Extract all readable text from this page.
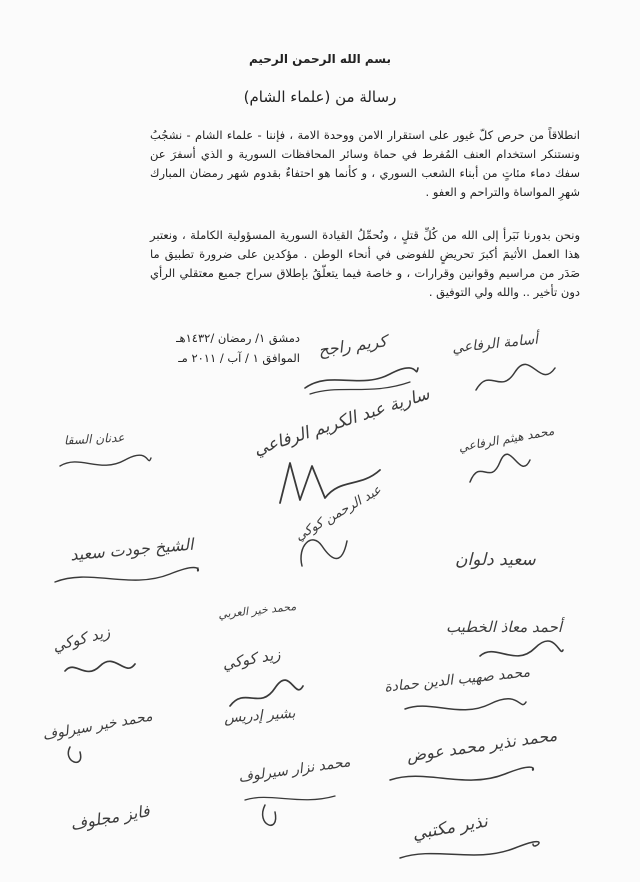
بسم الله الرحمن الرحيم
رسالة من (علماء الشام)

انطلاقاً من حرص كلّ غيور على استقرار الامن ووحدة الامة ، فإننا - علماء الشام - نشجُبُ ونستنكر استخدام العنف المُفرط في حماة وسائر المحافظات السورية و الذي أسفرَ عن سفك دماء مئاتٍ من أبناء الشعب السوري ، و كأنما هو احتفاءٌ بقدوم شهر رمضان المبارك شهرِ المواساة والتراحم و العفو .

ونحن بدورنا نَبَرأ إلى الله من كُلِّ قتلٍ ، ونُحمِّلُ القيادة السورية المسؤولية الكاملة ، ونعتبر هذا العمل الأثيمَ أكبرَ تحريضٍ للفوضى في أنحاء الوطن . مؤكدين على ضرورة تطبيق ما صَدَر من مراسيم وقوانين وقرارات ، و خاصة فيما يتعلّقُ بإطلاق سراح جميع معتقلي الرأي دون تأخير .. والله ولي التوفيق .

دمشق ١/ رمضان /١٤٣٢هـ
الموافق ١ / آب / ٢٠١١ مـ كريم راجح	أسامة الرفاعي
عدنان السقا	سارية عبد الكريم الرفاعي محمد هيثم الرفاعي
عبد الرحمن كوكي
الشيخ جودت سعيد	سعيد دلوان
محمد خير العربي
أحمد معاذ الخطيب
زيد كوكي
زيد كوكي
بشير إدريس
محمد صهيب الدين حمادة
محمد خير سيرلوف
محمد نزار سيرلوف
محمد نذير محمد عوض
فايز مجلوف	نذير مكتبي
